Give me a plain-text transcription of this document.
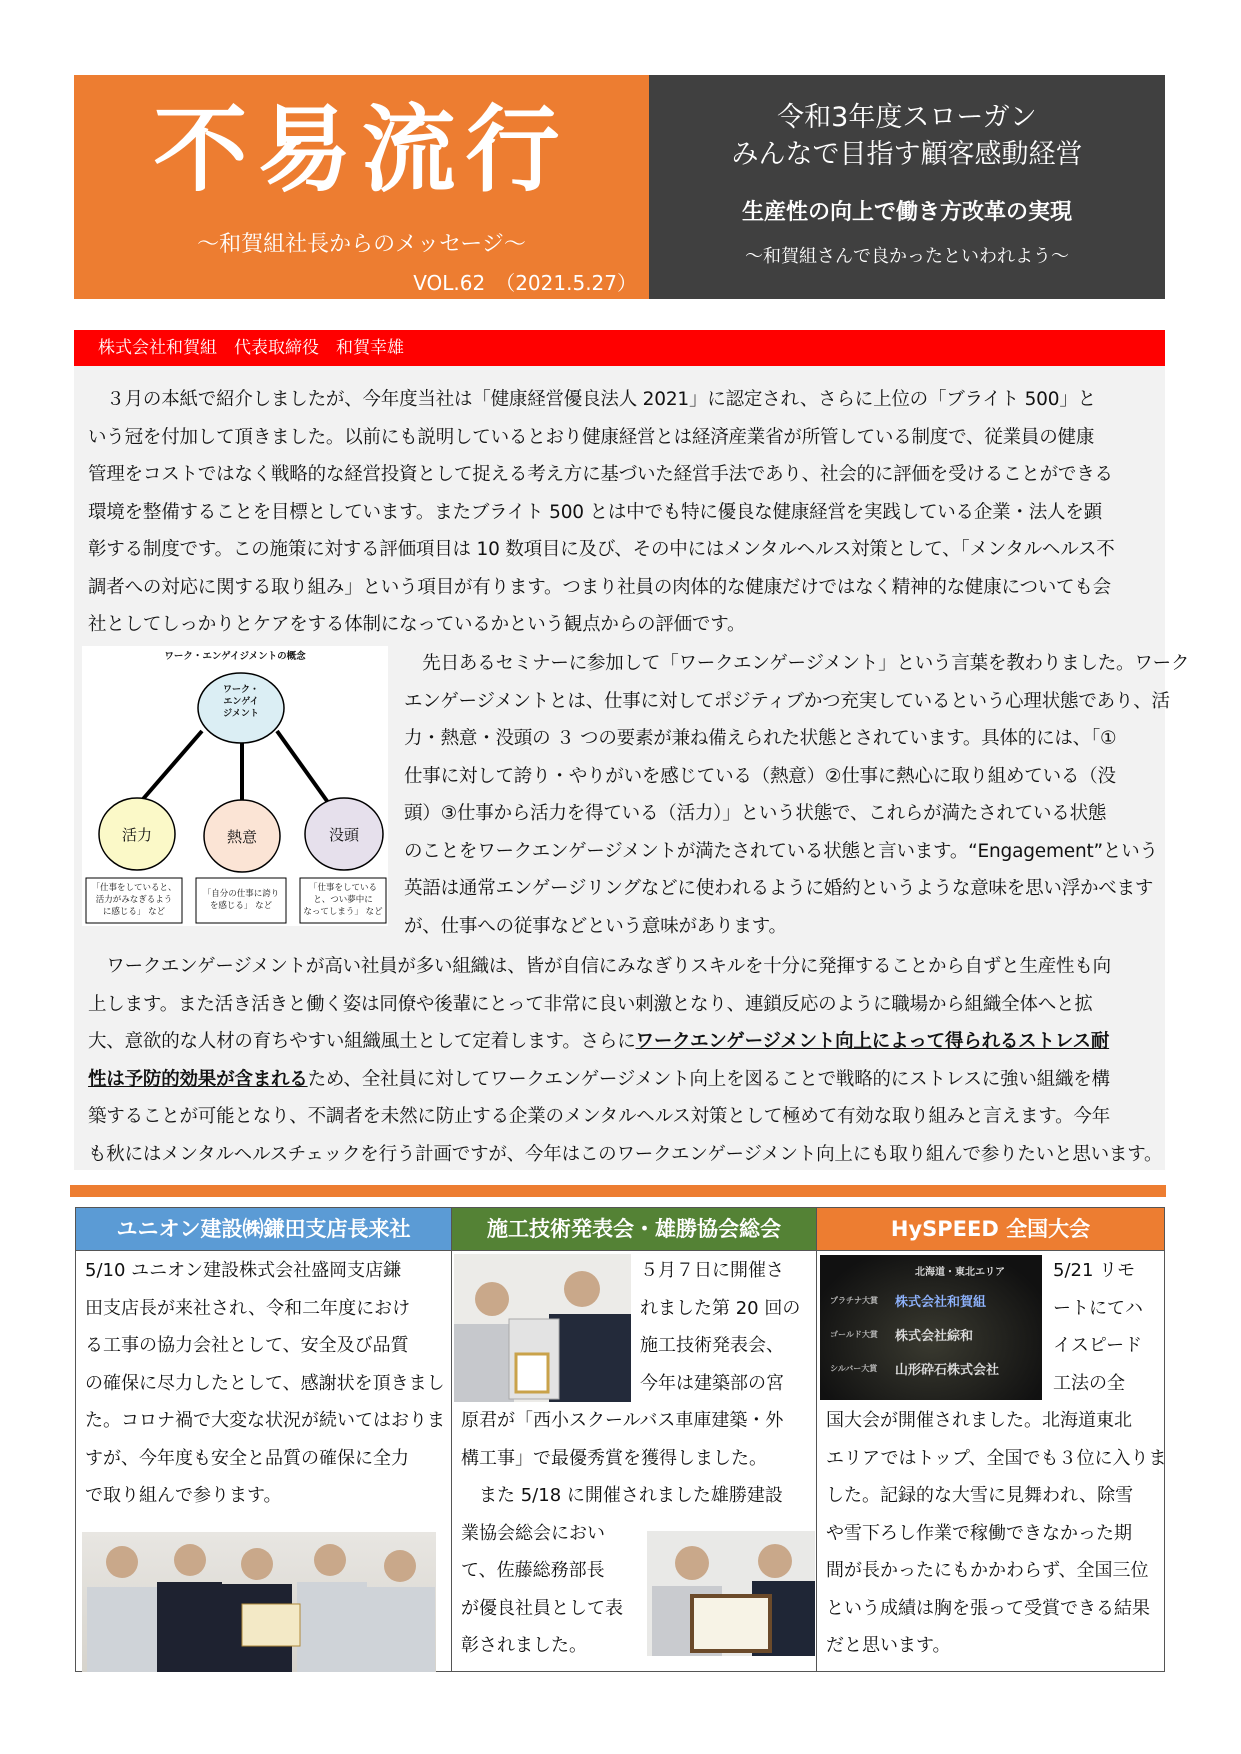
不易流行
〜和賀組社長からのメッセージ〜
VOL.62　（2021.5.27）
令和3年度スローガン
みんなで目指す顧客感動経営
生産性の向上で働き方改革の実現
〜和賀組さんで良かったといわれよう〜
株式会社和賀組　代表取締役　和賀幸雄
　３月の本紙で紹介しましたが、今年度当社は「健康経営優良法人 2021」に認定され、さらに上位の「ブライト 500」と
いう冠を付加して頂きました。以前にも説明しているとおり健康経営とは経済産業省が所管している制度で、従業員の健康
管理をコストではなく戦略的な経営投資として捉える考え方に基づいた経営手法であり、社会的に評価を受けることができる
環境を整備することを目標としています。またブライト 500 とは中でも特に優良な健康経営を実践している企業・法人を顕
彰する制度です。この施策に対する評価項目は 10 数項目に及び、その中にはメンタルヘルス対策として、「メンタルヘルス不
調者への対応に関する取り組み」という項目が有ります。つまり社員の肉体的な健康だけではなく精神的な健康についても会
社としてしっかりとケアをする体制になっているかという観点からの評価です。
　先日あるセミナーに参加して「ワークエンゲージメント」という言葉を教わりました。ワーク
エンゲージメントとは、仕事に対してポジティブかつ充実しているという心理状態であり、活
力・熱意・没頭の ３ つの要素が兼ね備えられた状態とされています。具体的には、「①
仕事に対して誇り・やりがいを感じている（熱意）②仕事に熱心に取り組めている（没
頭）③仕事から活力を得ている（活力）」という状態で、これらが満たされている状態
のことをワークエンゲージメントが満たされている状態と言います。“Engagement”という
英語は通常エンゲージリングなどに使われるように婚約というような意味を思い浮かべます
が、仕事への従事などという意味があります。
　ワークエンゲージメントが高い社員が多い組織は、皆が自信にみなぎりスキルを十分に発揮することから自ずと生産性も向
上します。また活き活きと働く姿は同僚や後輩にとって非常に良い刺激となり、連鎖反応のように職場から組織全体へと拡
大、意欲的な人材の育ちやすい組織風土として定着します。さらにワークエンゲージメント向上によって得られるストレス耐
性は予防的効果が含まれるため、全社員に対してワークエンゲージメント向上を図ることで戦略的にストレスに強い組織を構
築することが可能となり、不調者を未然に防止する企業のメンタルヘルス対策として極めて有効な取り組みと言えます。今年
も秋にはメンタルヘルスチェックを行う計画ですが、今年はこのワークエンゲージメント向上にも取り組んで参りたいと思います。
ワーク・エンゲイジメントの概念
ワーク・
エンゲイ
ジメント
活力	熱意	没頭
「仕事をしていると、
活力がみなぎるよう
に感じる」 など
「自分の仕事に誇り
を感じる」 など
「仕事をしている
と、つい夢中に
なってしまう」 など
ユニオン建設㈱鎌田支店長来社
5/10 ユニオン建設株式会社盛岡支店鎌
田支店長が来社され、令和二年度におけ
る工事の協力会社として、安全及び品質
の確保に尽力したとして、感謝状を頂きまし
た。コロナ禍で大変な状況が続いてはおりま
すが、今年度も安全と品質の確保に全力
で取り組んで参ります。
施工技術発表会・雄勝協会総会
５月７日に開催さ
れました第 20 回の
施工技術発表会、
今年は建築部の宮
原君が「西小スクールバス車庫建築・外
構工事」で最優秀賞を獲得しました。
　また 5/18 に開催されました雄勝建設
業協会総会におい
て、佐藤総務部長
が優良社員として表
彰されました。
HySPEED 全国大会
北海道・東北エリア
プラチナ大賞 株式会社和賀組
ゴールド大賞 株式会社綜和
シルバー大賞 山形砕石株式会社
5/21 リモ
ートにてハ
イスピード
工法の全
国大会が開催されました。北海道東北
エリアではトップ、全国でも３位に入りま
した。記録的な大雪に見舞われ、除雪
や雪下ろし作業で稼働できなかった期
間が長かったにもかかわらず、全国三位
という成績は胸を張って受賞できる結果
だと思います。
